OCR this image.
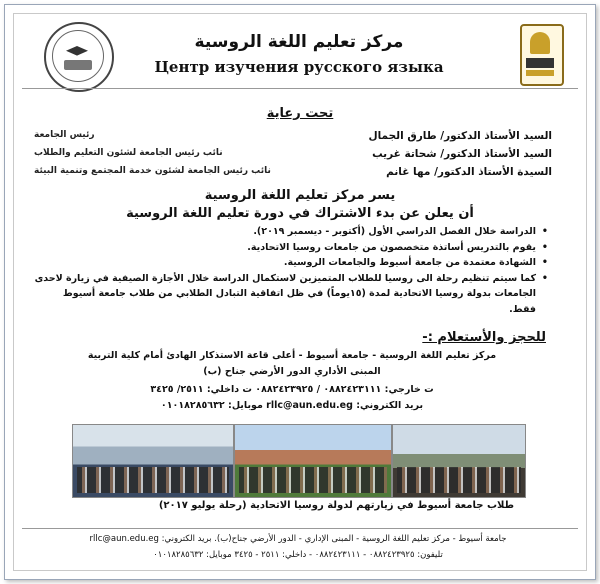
مركز تعليم اللغة الروسية
Центр изучения русского языка
تحت رعاية
السيد الأستاذ الدكتور/ طارق الجمال
رئيس الجامعة
السيد الأستاذ الدكتور/ شحاتة غريب
نائب رئيس الجامعة لشئون التعليم والطلاب
السيدة الأستاذ الدكتور/ مها غانم
نائب رئيس الجامعة لشئون خدمة المجتمع وتنمية البيئة
يسر مركز تعليم اللغة الروسية
أن يعلن عن بدء الاشتراك في دورة تعليم اللغة الروسية
• الدراسة خلال الفصل الدراسي الأول (أكتوبر - ديسمبر ٢٠١٩).
• يقوم بالتدريس أساتذة متخصصون من جامعات روسيا الاتحادية.
• الشهادة معتمدة من جامعة أسيوط والجامعات الروسية.
• كما سيتم تنظيم رحلة الى روسيا للطلاب المتميزين لاستكمال الدراسة خلال الأجازة الصيفية في زيارة لاحدى الجامعات بدولة روسيا الاتحادية لمدة (١٥يوماً) في ظل اتفاقية التبادل الطلابي من طلاب جامعة أسيوط فقط.
للحجز والأستعلام :-
مركز تعليم اللغة الروسية - جامعة أسيوط - أعلى قاعة الاستذكار الهادئ أمام كلية التربية
المبنى الأداري الدور الأرضي جناح (ب)
ت خارجي: ٠٨٨٢٤٢٣١١١ / ٠٨٨٢٤٢٣٩٢٥ ت داخلي: ٢٥١١/ ٣٤٢٥
بريد الكتروني: rllc@aun.edu.eg موبايل: ٠١٠١٨٢٨٥٦٣٢
طلاب جامعة أسيوط في زيارتهم لدولة روسيا الاتحادية (رحلة يوليو ٢٠١٧)
جامعة أسيوط - مركز تعليم اللغة الروسية - المبنى الإداري - الدور الأرضي جناح(ب). بريد الكتروني: rllc@aun.edu.eg
تليفون: ٠٨٨٢٤٢٣٩٢٥ - ٠٨٨٢٤٢٣١١١ - داخلي: ٢٥١١ - ٣٤٢٥ موبايل: ٠١٠١٨٢٨٥٦٣٢
